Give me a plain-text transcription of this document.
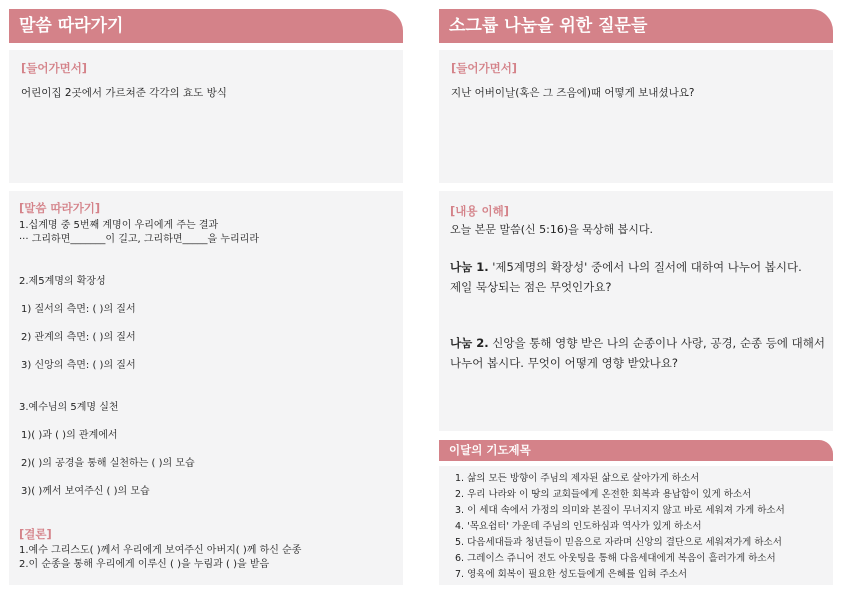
말씀 따라가기
[들어가면서]
어린이집 2곳에서 가르쳐준 각각의 효도 방식
[말씀 따라가기]
1.십계명 중 5번째 계명이 우리에게 주는 결과
··· 그리하면_______이 길고, 그리하면_____을 누리리라
2.제5계명의 확장성
1) 질서의 측면: ( )의 질서
2) 관계의 측면: ( )의 질서
3) 신앙의 측면: ( )의 질서
3.예수님의 5계명 실천
1)( )과 ( )의 관계에서
2)( )의 공경을 통해 실천하는 ( )의 모습
3)( )께서 보여주신 ( )의 모습
[결론]
1.예수 그리스도( )께서 우리에게 보여주신 아버지( )께 하신 순종
2.이 순종을 통해 우리에게 이루신 ( )을 누림과 ( )을 받음
소그룹 나눔을 위한 질문들
[들어가면서]
지난 어버이날(혹은 그 즈음에)때 어떻게 보내셨나요?
[내용 이해]
오늘 본문 말씀(신 5:16)을 묵상해 봅시다.
나눔 1. '제5계명의 확장성' 중에서 나의 질서에 대하여 나누어 봅시다.
제일 묵상되는 점은 무엇인가요?
나눔 2. 신앙을 통해 영향 받은 나의 순종이나 사랑, 공경, 순종 등에 대해서
나누어 봅시다. 무엇이 어떻게 영향 받았나요?
이달의 기도제목
1. 삶의 모든 방향이 주님의 제자된 삶으로 살아가게 하소서
2. 우리 나라와 이 땅의 교회들에게 온전한 회복과 용납함이 있게 하소서
3. 이 세대 속에서 가정의 의미와 본질이 무너지지 않고 바로 세워져 가게 하소서
4. '목요쉼터' 가운데 주님의 인도하심과 역사가 있게 하소서
5. 다음세대들과 청년들이 믿음으로 자라며 신앙의 결단으로 세워져가게 하소서
6. 그레이스 쥬니어 전도 아웃팅을 통해 다음세대에게 복음이 흘러가게 하소서
7. 영육에 회복이 필요한 성도들에게 은혜를 입혀 주소서
